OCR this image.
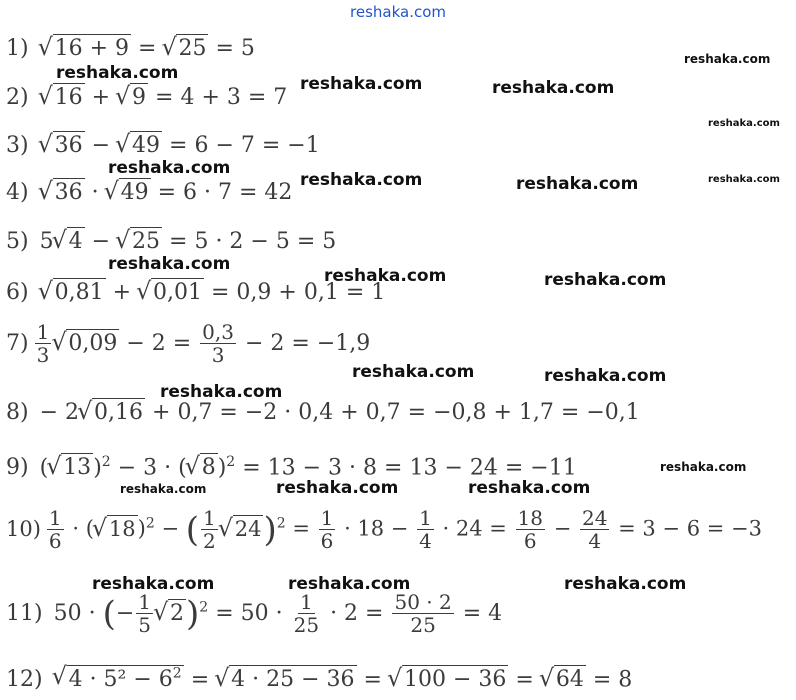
reshaka.com
1) √ 16 + 9 = √ 25 = 5
2) √ 16 + √ 9 = 4 + 3 = 7
3) √ 36 − √ 49 = 6 − 7 = −1
4) √ 36 · √ 49 = 6 · 7 = 42
5) 5 √ 4 − √ 25 = 5 · 2 − 5 = 5
6) √ 0,81 + √ 0,01 = 0,9 + 0,1 = 1
$7) \frac{1}{3}$ √ $0,09 - 2 = \frac{0,3}{3} - 2 = -1,9$
8) − 2 √ 0,16 + 0,7 = −2 · 0,4 + 0,7 = −0,8 + 1,7 = −0,1
9) ( √ 13)$^2$ − 3 · ( √ 8)$^2$ = 13 − 3 · 8 = 13 − 24 = −11
$10) \frac{1}{6}$ · ( √ 18)$^2$ − ( $\frac{1}{2}$ √ $24)^2 = \frac{1}{6} \cdot 18 - \frac{1}{4} \cdot 24 = \frac{18}{6} - \frac{24}{4} = 3 - 6 = -3$
11) 50 · (− $\frac{1}{5}$ √ $2)^2 = 50 \cdot \frac{1}{25} \cdot 2 = \frac{50 \cdot 2}{25} = 4$
12) √ $4 \cdot 5^2 - 6^2$ = √ 4 · 25 − 36 = √ 100 − 36 = √ 64 = 8
reshaka.com
reshaka.com
reshaka.com	reshaka.com
reshaka.com
reshaka.com
reshaka.com	reshaka.com	reshaka.com
reshaka.com
reshaka.com	reshaka.com
reshaka.com	reshaka.com
reshaka.com
reshaka.com
reshaka.com	reshaka.com	reshaka.com
reshaka.com	reshaka.com	reshaka.com
